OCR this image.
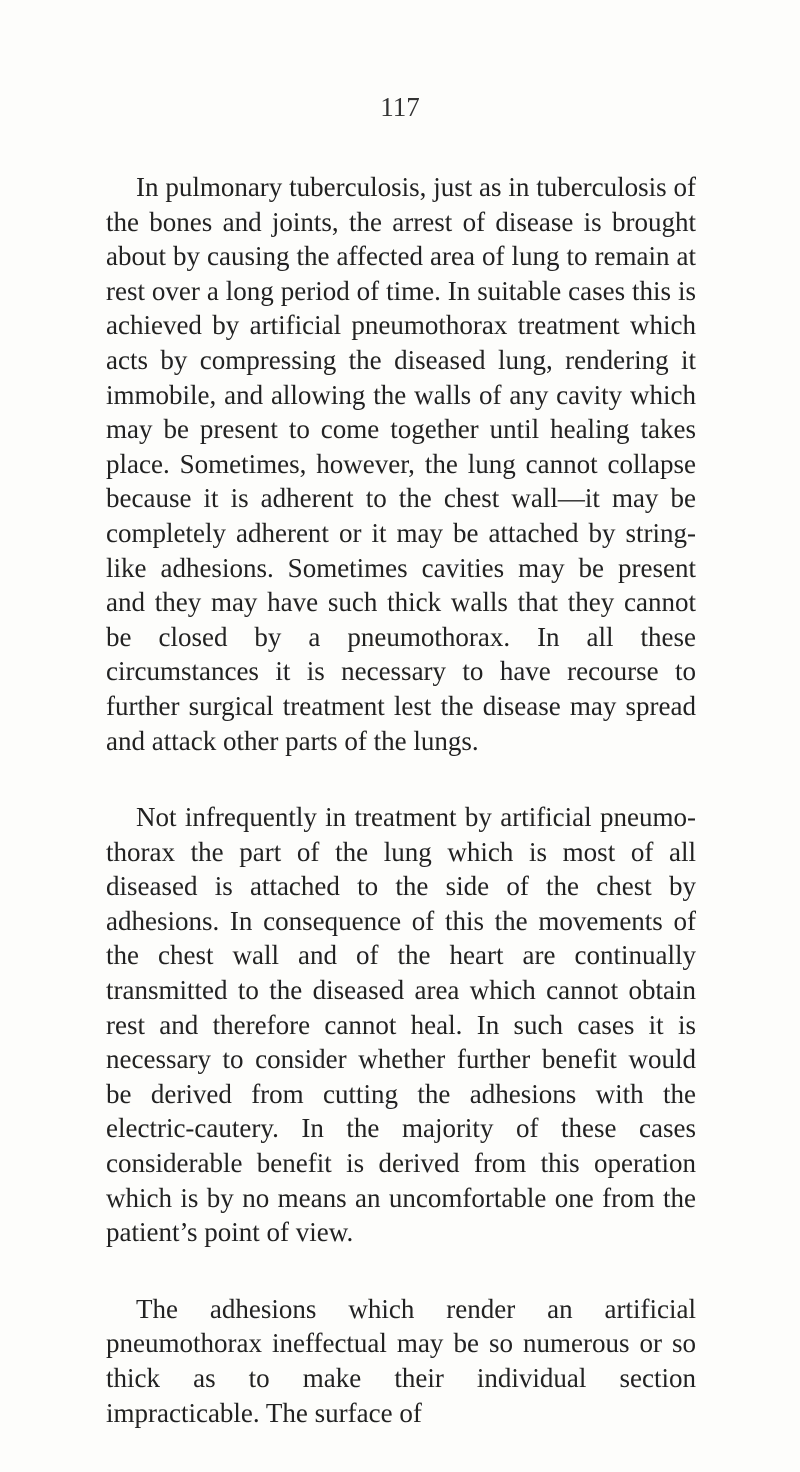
117

In pulmonary tuberculosis, just as in tuberculosis of the bones and joints, the arrest of disease is brought about by causing the affected area of lung to remain at rest over a long period of time. In suitable cases this is achieved by artificial pneumothorax treatment which acts by compressing the diseased lung, rendering it immobile, and allowing the walls of any cavity which may be present to come together until healing takes place. Sometimes, however, the lung cannot collapse because it is adherent to the chest wall—it may be completely adherent or it may be attached by string-like adhesions. Sometimes cavities may be present and they may have such thick walls that they cannot be closed by a pneumothorax. In all these circumstances it is necessary to have recourse to further surgical treatment lest the disease may spread and attack other parts of the lungs.

Not infrequently in treatment by artificial pneumo-thorax the part of the lung which is most of all diseased is attached to the side of the chest by adhesions. In consequence of this the movements of the chest wall and of the heart are continually transmitted to the diseased area which cannot obtain rest and therefore cannot heal. In such cases it is necessary to consider whether further benefit would be derived from cutting the adhesions with the electric-cautery. In the majority of these cases considerable benefit is derived from this operation which is by no means an uncomfortable one from the patient’s point of view.

The adhesions which render an artificial pneumothorax ineffectual may be so numerous or so thick as to make their individual section impracticable. The surface of
